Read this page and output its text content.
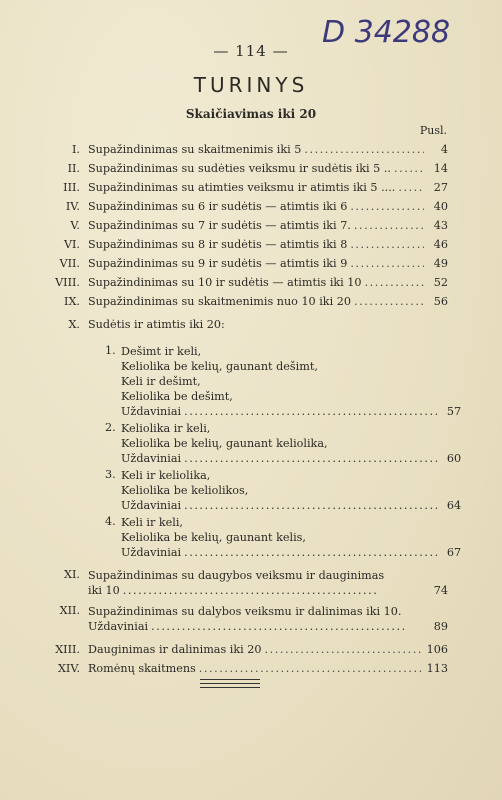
D 34288
— 114 —
TURINYS
Skaičiavimas iki 20
Pusl.
I. Supažindinimas su skaitmenimis iki 5 . . .	4
II. Supažindinimas su sudėties veiksmu ir sudėtis iki 5 .. . . .	14
III. Supažindinimas su atimties veiksmu ir atimtis iki 5 .... . . .	27
IV. Supažindinimas su 6 ir sudėtis — atimtis iki 6 . . .	40
V. Supažindinimas su 7 ir sudėtis — atimtis iki 7. . . .	43
VI. Supažindinimas su 8 ir sudėtis — atimtis iki 8 . . .	46
VII. Supažindinimas su 9 ir sudėtis — atimtis iki 9 . . .	49
VIII. Supažindinimas su 10 ir sudėtis — atimtis iki 10 . . .	52
IX. Supažindinimas su skaitmenimis nuo 10 iki 20 . . .	56
X. Sudėtis ir atimtis iki 20:
1. Dešimt ir keli,
Keliolika be kelių, gaunant dešimt,
Keli ir dešimt,
Keliolika be dešimt,
Uždaviniai . . .	57
2. Keliolika ir keli,
Keliolika be kelių, gaunant keliolika,
Uždaviniai . . .	60
3. Keli ir keliolika,
Keliolika be keliolikos,
Uždaviniai . . .	64
4. Keli ir keli,
Keliolika be kelių, gaunant kelis,
Uždaviniai . . .	67
XI. Supažindinimas su daugybos veiksmu ir dauginimas
iki 10 . . .	74
XII. Supažindinimas su dalybos veiksmu ir dalinimas iki 10.
Uždaviniai . . .	89
XIII. Dauginimas ir dalinimas iki 20 . . .	106
XIV. Romėnų skaitmens . . .	113
